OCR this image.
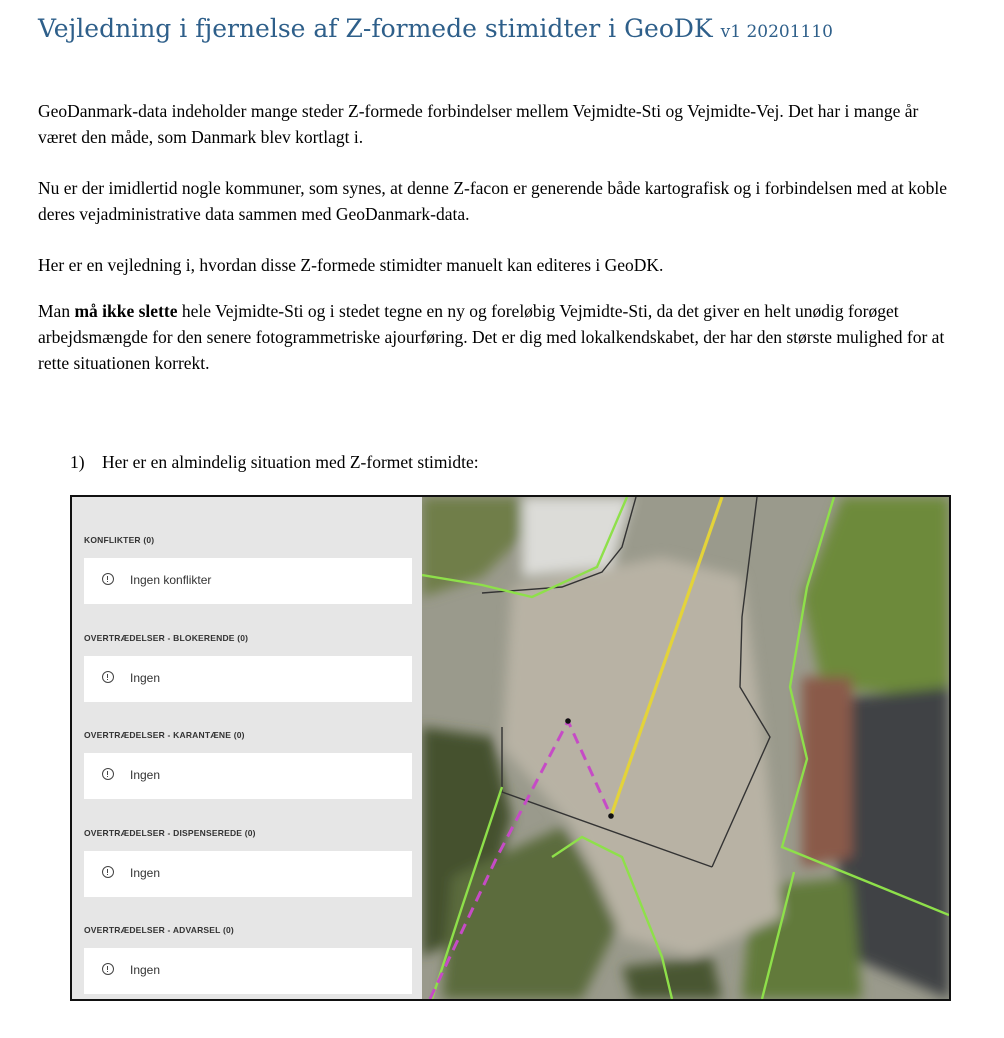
Vejledning i fjernelse af Z-formede stimidter i GeoDK v1 20201110

GeoDanmark-data indeholder mange steder Z-formede forbindelser mellem Vejmidte-Sti og Vejmidte-Vej. Det har i mange år været den måde, som Danmark blev kortlagt i.

Nu er der imidlertid nogle kommuner, som synes, at denne Z-facon er generende både kartografisk og i forbindelsen med at koble deres vejadministrative data sammen med GeoDanmark-data.

Her er en vejledning i, hvordan disse Z-formede stimidter manuelt kan editeres i GeoDK.

Man må ikke slette hele Vejmidte-Sti og i stedet tegne en ny og foreløbig Vejmidte-Sti, da det giver en helt unødig forøget arbejdsmængde for den senere fotogrammetriske ajourføring. Det er dig med lokalkendskabet, der har den største mulighed for at rette situationen korrekt.

1) Her er en almindelig situation med Z-formet stimidte:
KONFLIKTER (0)
Ingen konflikter
OVERTRÆDELSER - BLOKERENDE (0)
Ingen
OVERTRÆDELSER - KARANTÆNE (0)
Ingen
OVERTRÆDELSER - DISPENSEREDE (0)
Ingen
OVERTRÆDELSER - ADVARSEL (0)
Ingen
